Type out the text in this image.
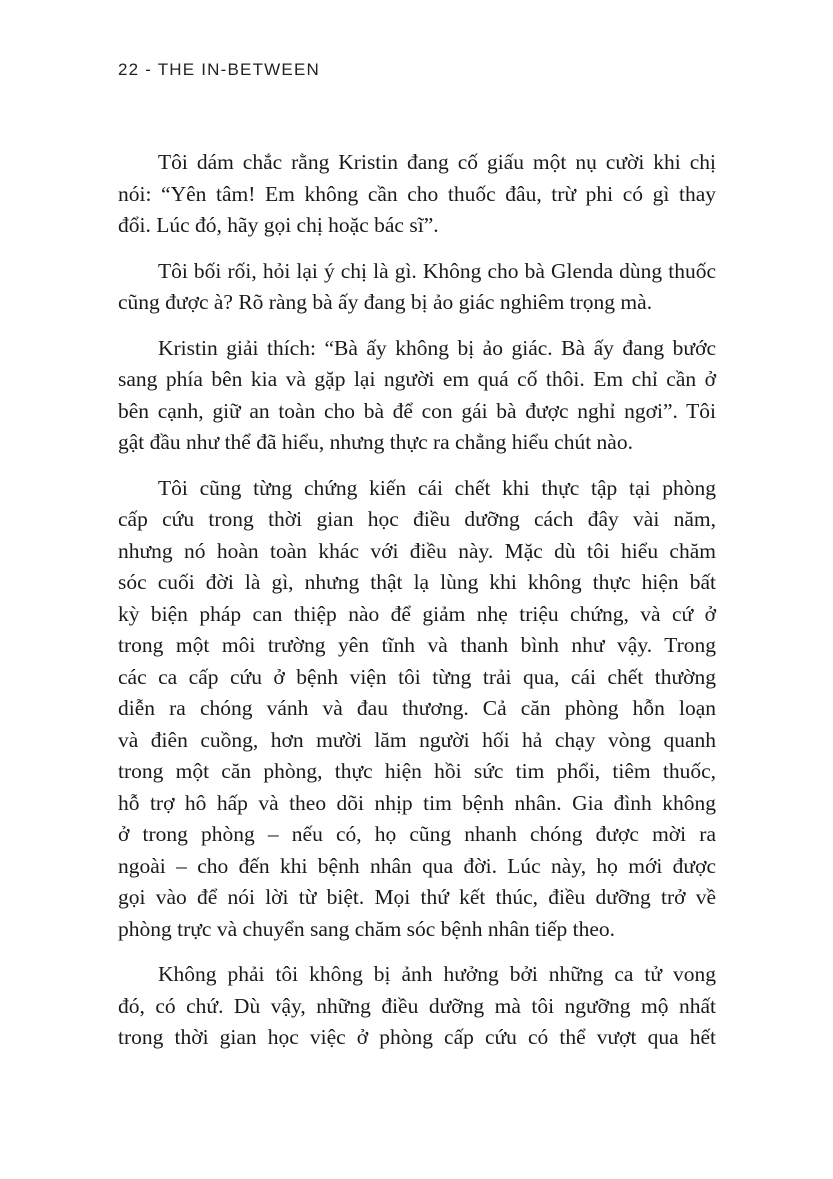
22 - THE IN-BETWEEN
Tôi dám chắc rằng Kristin đang cố giấu một nụ cười khi chị
nói: “Yên tâm! Em không cần cho thuốc đâu, trừ phi có gì thay
đổi. Lúc đó, hãy gọi chị hoặc bác sĩ”.
Tôi bối rối, hỏi lại ý chị là gì. Không cho bà Glenda dùng thuốc
cũng được à? Rõ ràng bà ấy đang bị ảo giác nghiêm trọng mà.
Kristin giải thích: “Bà ấy không bị ảo giác. Bà ấy đang bước
sang phía bên kia và gặp lại người em quá cố thôi. Em chỉ cần ở
bên cạnh, giữ an toàn cho bà để con gái bà được nghỉ ngơi”. Tôi
gật đầu như thể đã hiểu, nhưng thực ra chẳng hiểu chút nào.
Tôi cũng từng chứng kiến cái chết khi thực tập tại phòng
cấp cứu trong thời gian học điều dưỡng cách đây vài năm,
nhưng nó hoàn toàn khác với điều này. Mặc dù tôi hiểu chăm
sóc cuối đời là gì, nhưng thật lạ lùng khi không thực hiện bất
kỳ biện pháp can thiệp nào để giảm nhẹ triệu chứng, và cứ ở
trong một môi trường yên tĩnh và thanh bình như vậy. Trong
các ca cấp cứu ở bệnh viện tôi từng trải qua, cái chết thường
diễn ra chóng vánh và đau thương. Cả căn phòng hỗn loạn
và điên cuồng, hơn mười lăm người hối hả chạy vòng quanh
trong một căn phòng, thực hiện hồi sức tim phổi, tiêm thuốc,
hỗ trợ hô hấp và theo dõi nhịp tim bệnh nhân. Gia đình không
ở trong phòng – nếu có, họ cũng nhanh chóng được mời ra
ngoài – cho đến khi bệnh nhân qua đời. Lúc này, họ mới được
gọi vào để nói lời từ biệt. Mọi thứ kết thúc, điều dưỡng trở về
phòng trực và chuyển sang chăm sóc bệnh nhân tiếp theo.
Không phải tôi không bị ảnh hưởng bởi những ca tử vong
đó, có chứ. Dù vậy, những điều dưỡng mà tôi ngưỡng mộ nhất
trong thời gian học việc ở phòng cấp cứu có thể vượt qua hết
